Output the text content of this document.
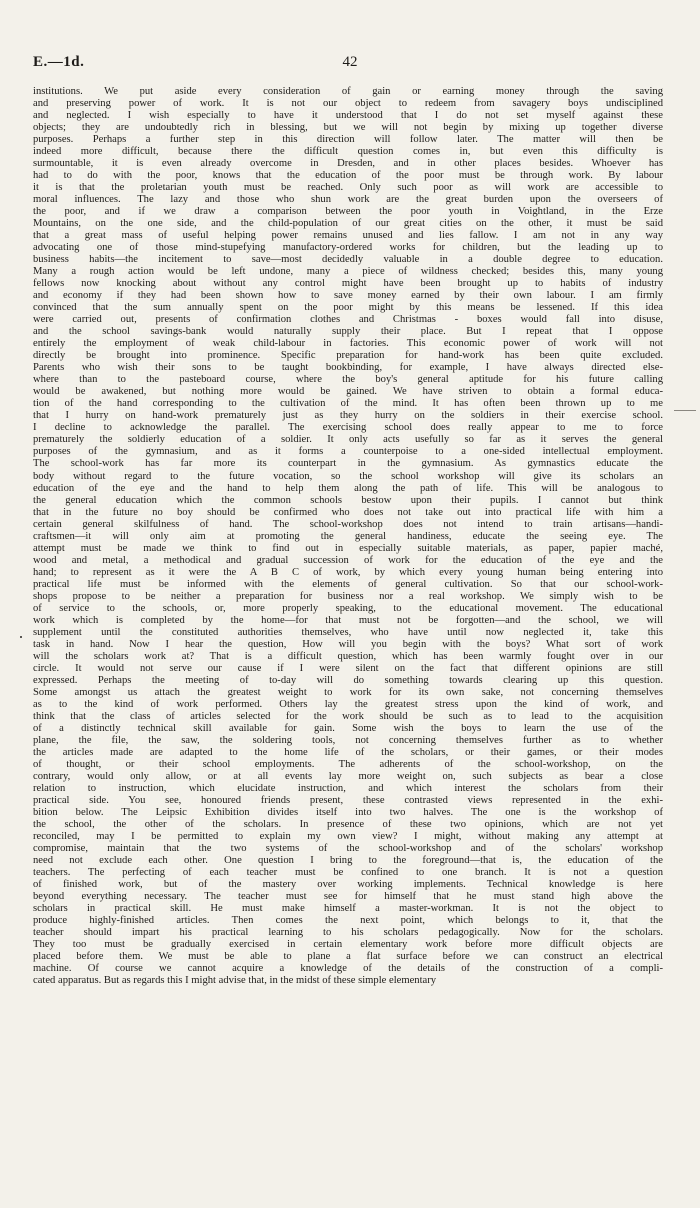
E.—1d.	42
institutions. We put aside every consideration of gain or earning money through the saving
and preserving power of work. It is not our object to redeem from savagery boys undisciplined
and neglected. I wish especially to have it understood that I do not set myself against these
objects; they are undoubtedly rich in blessing, but we will not begin by mixing up together diverse
purposes. Perhaps a further step in this direction will follow later. The matter will then be
indeed more difficult, because there the difficult question comes in, but even this difficulty is
surmountable, it is even already overcome in Dresden, and in other places besides. Whoever has
had to do with the poor, knows that the education of the poor must be through work. By labour
it is that the proletarian youth must be reached. Only such poor as will work are accessible to
moral influences. The lazy and those who shun work are the great burden upon the overseers of
the poor, and if we draw a comparison between the poor youth in Voightland, in the Erze
Mountains, on the one side, and the child-population of our great cities on the other, it must be said
that a great mass of useful helping power remains unused and lies fallow. I am not in any way
advocating one of those mind-stupefying manufactory-ordered works for children, but the leading up to
business habits—the incitement to save—most decidedly valuable in a double degree to education.
Many a rough action would be left undone, many a piece of wildness checked; besides this, many young
fellows now knocking about without any control might have been brought up to habits of industry
and economy if they had been shown how to save money earned by their own labour. I am firmly
convinced that the sum annually spent on the poor might by this means be lessened. If this idea
were carried out, presents of confirmation clothes and Christmas - boxes would fall into disuse,
and the school savings-bank would naturally supply their place. But I repeat that I oppose
entirely the employment of weak child-labour in factories. This economic power of work will not
directly be brought into prominence. Specific preparation for hand-work has been quite excluded.
Parents who wish their sons to be taught bookbinding, for example, I have always directed else-
where than to the pasteboard course, where the boy's general aptitude for his future calling
would be awakened, but nothing more would be gained. We have striven to obtain a formal educa-
tion of the hand corresponding to the cultivation of the mind. It has often been thrown up to me
that I hurry on hand-work prematurely just as they hurry on the soldiers in their exercise school.
I decline to acknowledge the parallel. The exercising school does really appear to me to force
prematurely the soldierly education of a soldier. It only acts usefully so far as it serves the general
purposes of the gymnasium, and as it forms a counterpoise to a one-sided intellectual employment.
The school-work has far more its counterpart in the gymnasium. As gymnastics educate the
body without regard to the future vocation, so the school workshop will give its scholars an
education of the eye and the hand to help them along the path of life. This will be analogous to
the general education which the common schools bestow upon their pupils. I cannot but think
that in the future no boy should be confirmed who does not take out into practical life with him a
certain general skilfulness of hand. The school-workshop does not intend to train artisans—handi-
craftsmen—it will only aim at promoting the general handiness, educate the seeing eye. The
attempt must be made we think to find out in especially suitable materials, as paper, papier maché,
wood and metal, a methodical and gradual succession of work for the education of the eye and the
hand; to represent as it were the A B C of work, by which every young human being entering into
practical life must be informed with the elements of general cultivation. So that our school-work-
shops propose to be neither a preparation for business nor a real workshop. We simply wish to be
of service to the schools, or, more properly speaking, to the educational movement. The educational
work which is completed by the home—for that must not be forgotten—and the school, we will
supplement until the constituted authorities themselves, who have until now neglected it, take this
task in hand. Now I hear the question, How will you begin with the boys? What sort of work
will the scholars work at? That is a difficult question, which has been warmly fought over in our
circle. It would not serve our cause if I were silent on the fact that different opinions are still
expressed. Perhaps the meeting of to-day will do something towards clearing up this question.
Some amongst us attach the greatest weight to work for its own sake, not concerning themselves
as to the kind of work performed. Others lay the greatest stress upon the kind of work, and
think that the class of articles selected for the work should be such as to lead to the acquisition
of a distinctly technical skill available for gain. Some wish the boys to learn the use of the
plane, the file, the saw, the soldering tools, not concerning themselves further as to whether
the articles made are adapted to the home life of the scholars, or their games, or their modes
of thought, or their school employments. The adherents of the school-workshop, on the
contrary, would only allow, or at all events lay more weight on, such subjects as bear a close
relation to instruction, which elucidate instruction, and which interest the scholars from their
practical side. You see, honoured friends present, these contrasted views represented in the exhi-
bition below. The Leipsic Exhibition divides itself into two halves. The one is the workshop of
the school, the other of the scholars. In presence of these two opinions, which are not yet
reconciled, may I be permitted to explain my own view? I might, without making any attempt at
compromise, maintain that the two systems of the school-workshop and of the scholars' workshop
need not exclude each other. One question I bring to the foreground—that is, the education of the
teachers. The perfecting of each teacher must be confined to one branch. It is not a question
of finished work, but of the mastery over working implements. Technical knowledge is here
beyond everything necessary. The teacher must see for himself that he must stand high above the
scholars in practical skill. He must make himself a master-workman. It is not the object to
produce highly-finished articles. Then comes the next point, which belongs to it, that the
teacher should impart his practical learning to his scholars pedagogically. Now for the scholars.
They too must be gradually exercised in certain elementary work before more difficult objects are
placed before them. We must be able to plane a flat surface before we can construct an electrical
machine. Of course we cannot acquire a knowledge of the details of the construction of a compli-
cated apparatus. But as regards this I might advise that, in the midst of these simple elementary
